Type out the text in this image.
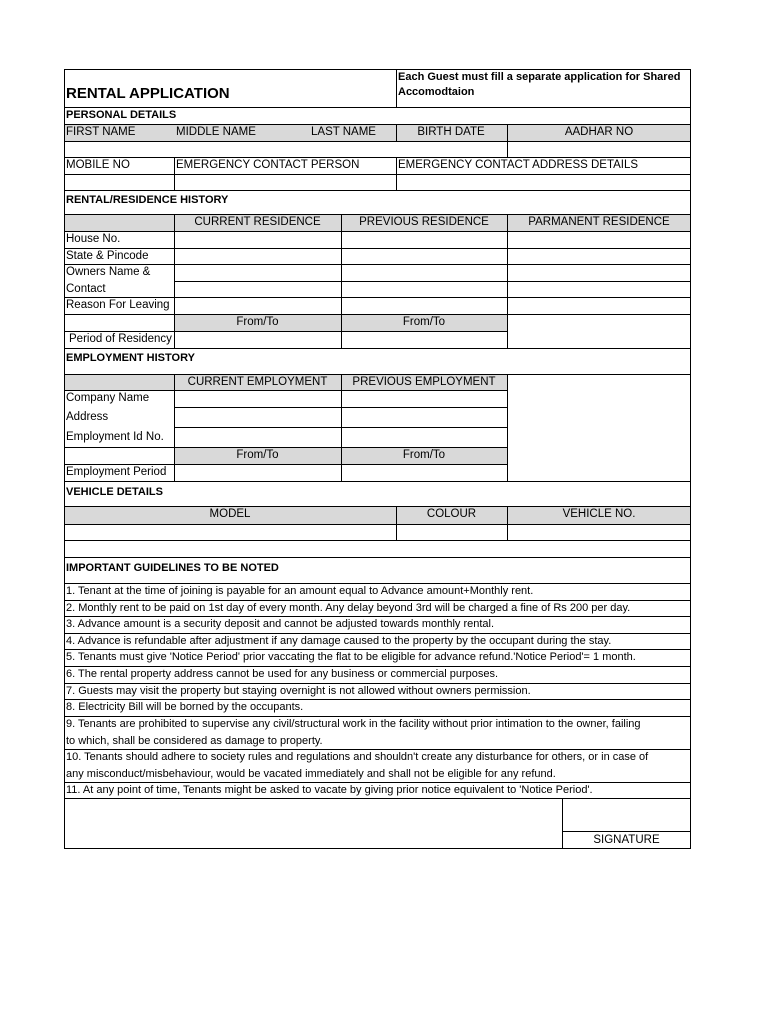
RENTAL APPLICATION
Each Guest must fill a separate application for Shared Accomodtaion
PERSONAL DETAILS
FIRST NAME	MIDDLE NAME	LAST NAME	BIRTH DATE	AADHAR NO
MOBILE NO	EMERGENCY CONTACT PERSON	EMERGENCY CONTACT ADDRESS DETAILS
RENTAL/RESIDENCE HISTORY
CURRENT RESIDENCE	PREVIOUS RESIDENCE	PARMANENT RESIDENCE
House No.
State & Pincode
Owners Name &
Contact
Reason For Leaving
From/To	From/To
Period of Residency
EMPLOYMENT HISTORY
CURRENT EMPLOYMENT	PREVIOUS EMPLOYMENT
Company Name
Address
Employment Id No.
From/To	From/To
Employment Period
VEHICLE DETAILS
MODEL	COLOUR	VEHICLE NO.
IMPORTANT GUIDELINES TO BE NOTED
1. Tenant at the time of joining is payable for an amount equal to Advance amount+Monthly rent.
2. Monthly rent to be paid on 1st day of every month. Any delay beyond 3rd will be charged a fine of Rs 200 per day.
3. Advance amount is a security deposit and cannot be adjusted towards monthly rental.
4. Advance is refundable after adjustment if any damage caused to the property by the occupant during the stay.
5. Tenants must give 'Notice Period' prior vaccating the flat to be eligible for advance refund.'Notice Period'= 1 month.
6. The rental property address cannot be used for any business or commercial purposes.
7. Guests may visit the property but staying overnight is not allowed without owners permission.
8. Electricity Bill will be borned by the occupants.
9. Tenants are prohibited to supervise any civil/structural work in the facility without prior intimation to the owner, failing
to which, shall be considered as damage to property.
10. Tenants should adhere to society rules and regulations and shouldn't create any disturbance for others, or in case of
any misconduct/misbehaviour, would be vacated immediately and shall not be eligible for any refund.
11. At any point of time, Tenants might be asked to vacate by giving prior notice equivalent to 'Notice Period'.
SIGNATURE
